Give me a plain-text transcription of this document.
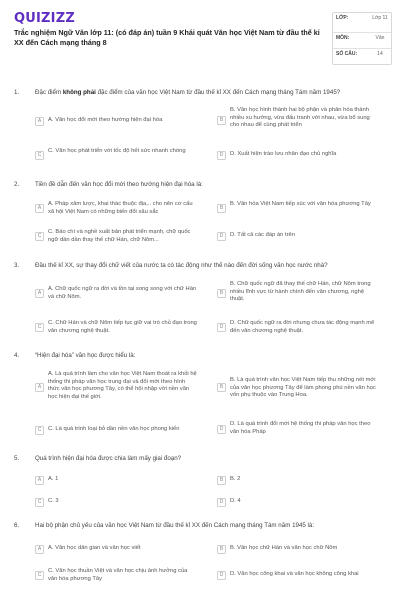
QUIZIZZ
Trắc nghiệm Ngữ Văn lớp 11: (có đáp án) tuần 9 Khái quát Văn học Việt Nam từ đầu thế kỉ XX đến Cách mạng tháng 8
LỚP:	Lớp 11
MÔN:	Văn
SỐ CÂU:	14
1.	Đặc điểm không phải đặc điểm của văn học Việt Nam từ đầu thế kỉ XX đến Cách mạng tháng Tám năm 1945?
A	A. Văn học đổi mới theo hướng hiện đại hóa	B
B. Văn học hình thành hai bộ phận và phân hóa thành nhiều xu hướng, vừa đấu tranh với nhau, vừa bổ sung cho nhau để cùng phát triển
C
C. Văn học phát triển với tốc độ hết sức nhanh chóng
D	D. Xuất hiện trào lưu nhân đạo chủ nghĩa
2.	Tiền đề dẫn đến văn học đổi mới theo hướng hiện đại hóa là:
A
A. Pháp xâm lược, khai thác thuộc địa,.. cho nên cơ cấu xã hội Việt Nam có những biến đổi sâu sắc
B
B. Văn hóa Việt Nam tiếp xúc với văn hóa phương Tây
C
C. Báo chí và nghề xuất bản phát triển mạnh, chữ quốc ngữ dần dần thay thế chữ Hán, chữ Nôm...
D	D. Tất cả các đáp án trên
3.	Đầu thế kỉ XX, sự thay đổi chữ viết của nước ta có tác động như thế nào đến đời sống văn học nước nhà?
A
A. Chữ quốc ngữ ra đời và tồn tại song song với chữ Hán và chữ Nôm.
B
B. Chữ quốc ngữ đã thay thế chữ Hán, chữ Nôm trong nhiều lĩnh vực từ hành chính đến văn chương, nghệ thuật.
C
C. Chữ Hán và chữ Nôm tiếp tục giữ vai trò chủ đạo trong văn chương nghệ thuật.
D
D. Chữ quốc ngữ ra đời nhưng chưa tác động mạnh mẽ đến văn chương nghệ thuật.
4.	“Hiện đại hóa” văn học được hiểu là:
A
A. Là quá trình làm cho văn học Việt Nam thoát ra khỏi hệ thống thi pháp văn học trung đại và đổi mới theo hình thức văn học phương Tây, có thể hội nhập với nền văn học hiện đại thế giới.
B
B. Là quá trình văn học Việt Nam tiếp thu những nét mới của văn học phương Tây để làm phong phú nền văn học vốn phụ thuộc vào Trung Hoa.
C	C. Là quá trình loại bỏ dần nền văn học phong kiến	D
D. Là quá trình đổi mới hệ thống thi pháp văn học theo văn hóa Pháp
5.	Quá trình hiện đại hóa được chia làm mấy giai đoạn?
A	A. 1	B	B. 2
C	C. 3	D	D. 4
6.	Hai bộ phận chủ yếu của văn học Việt Nam từ đầu thế kỉ XX đến Cách mạng tháng Tám năm 1945 là:
A	A. Văn học dân gian và văn học viết	B	B. Văn học chữ Hán và văn học chữ Nôm
C
C. Văn học thuần Việt và văn học chịu ảnh hưởng của văn hóa phương Tây
D	D. Văn học công khai và văn học không công khai
